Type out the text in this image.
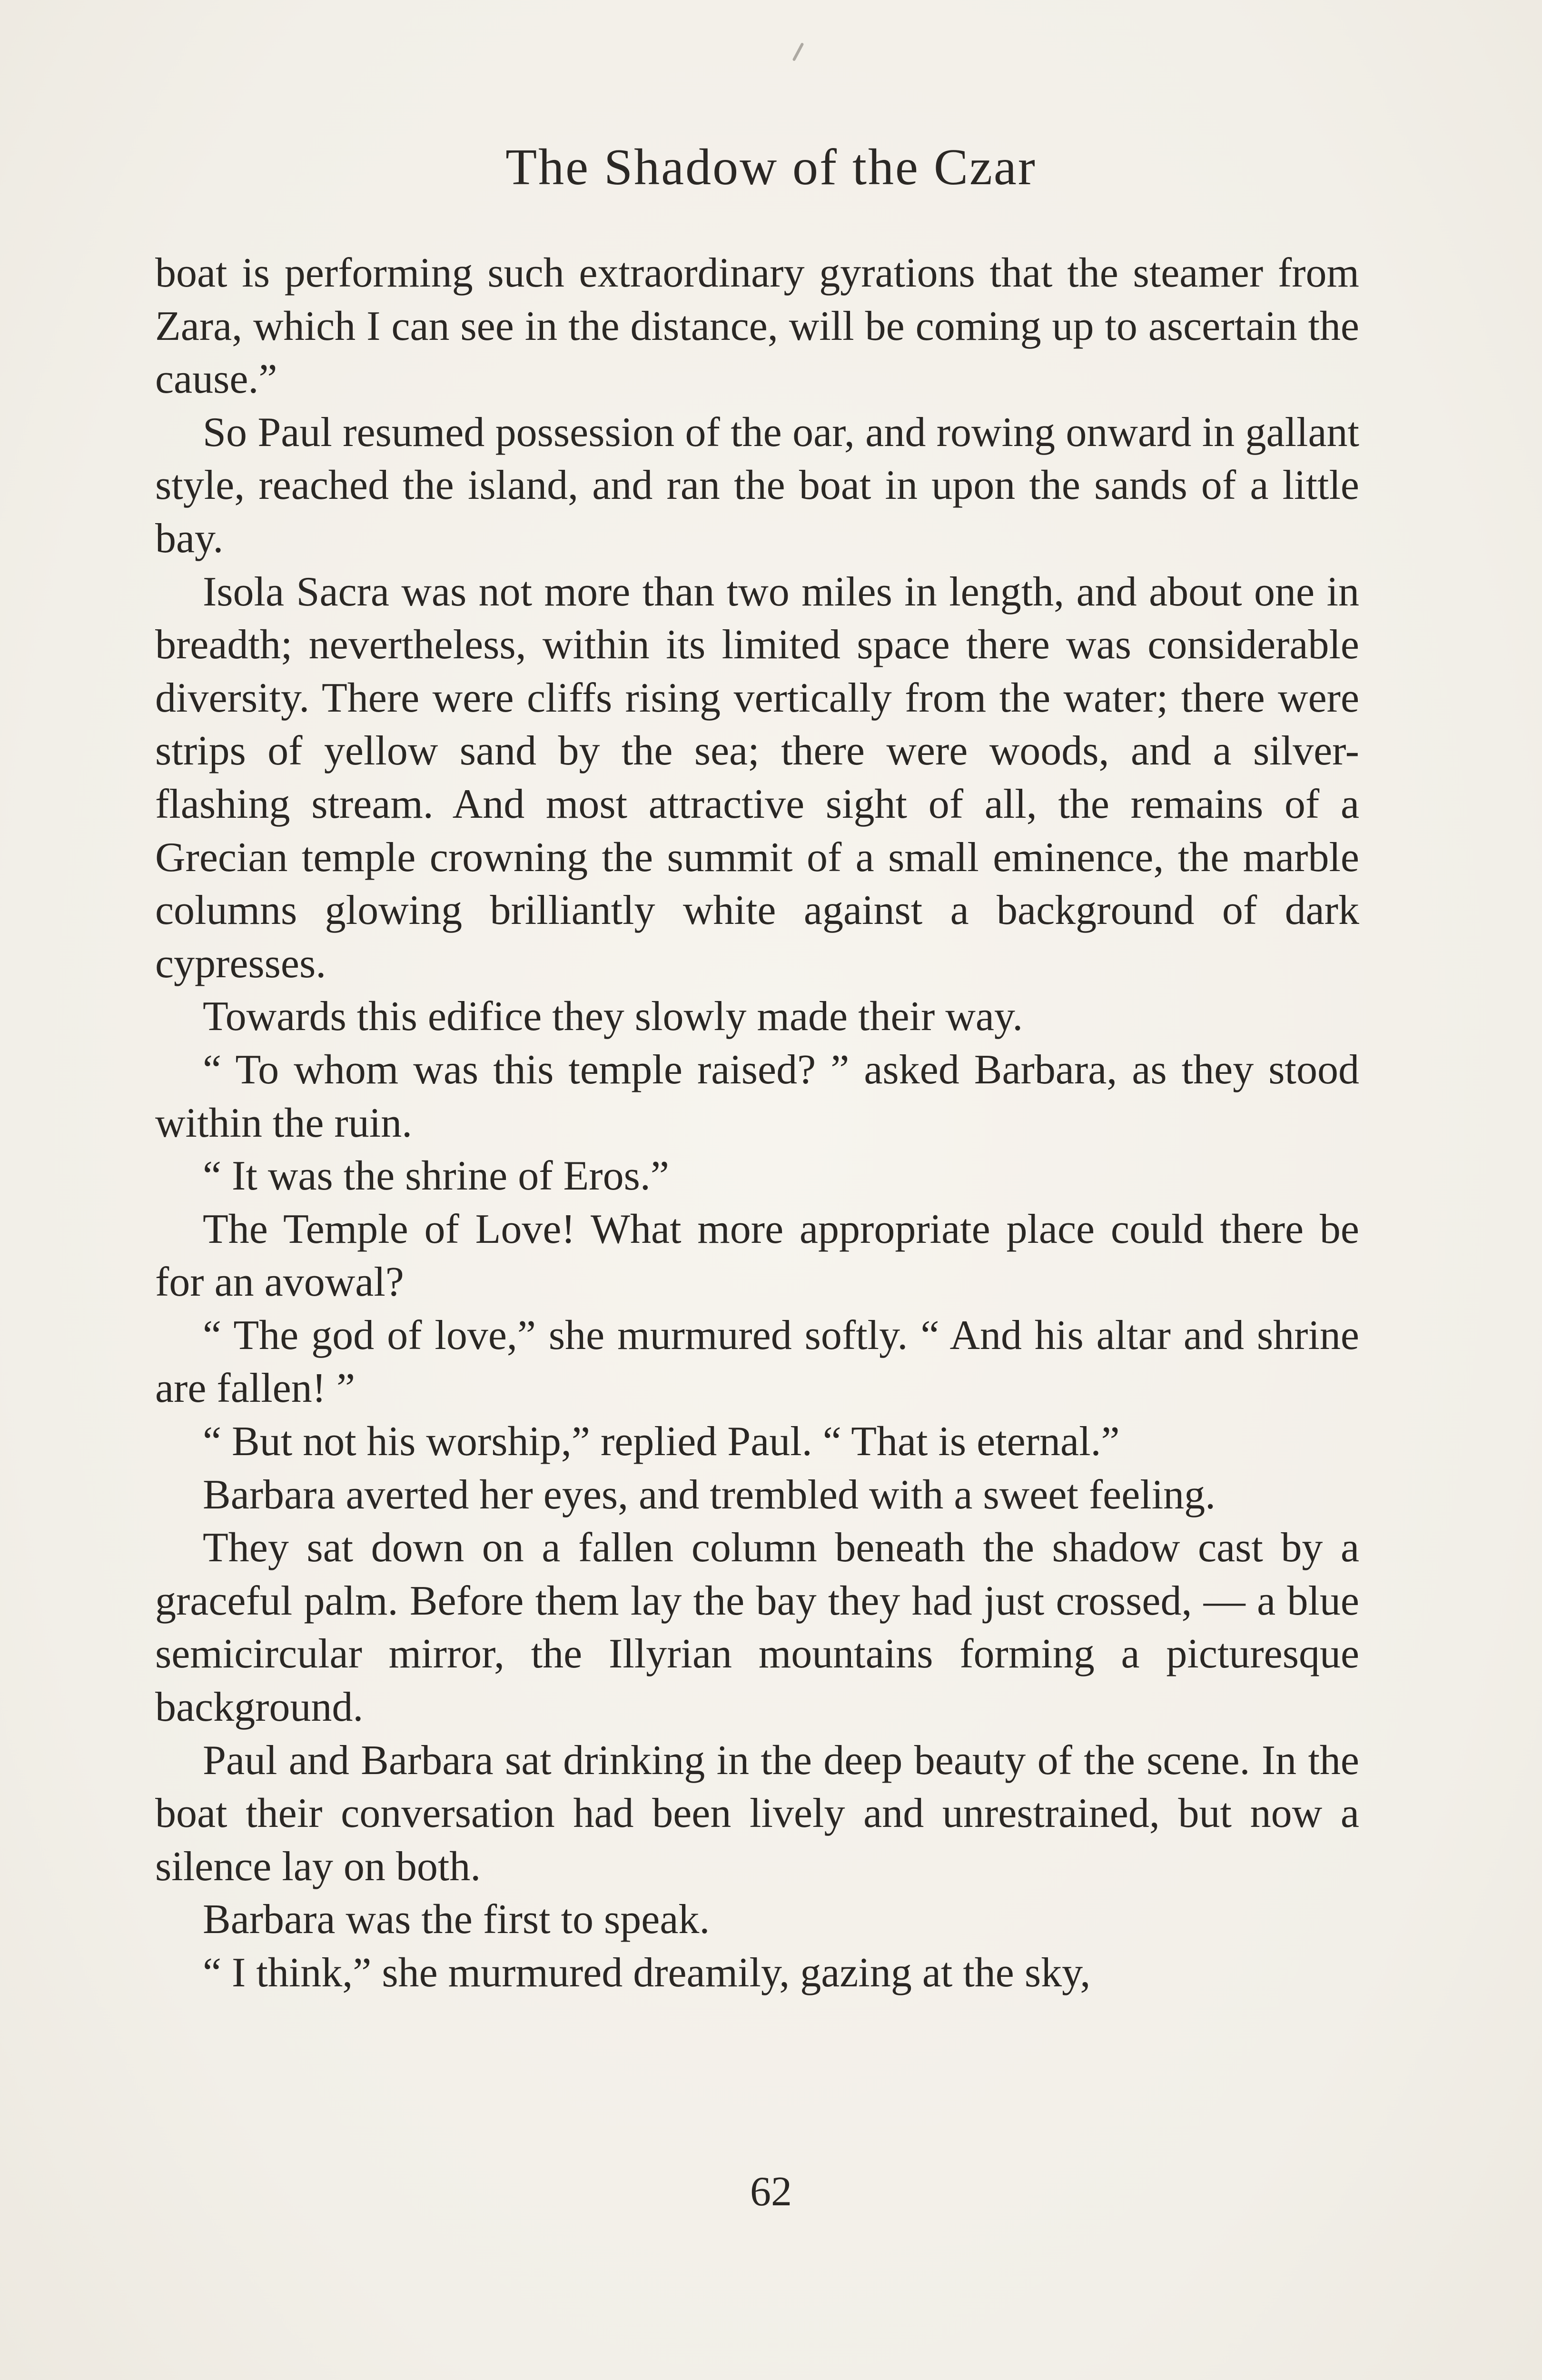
The Shadow of the Czar

boat is performing such extraordinary gyrations that the steamer from Zara, which I can see in the distance, will be coming up to ascertain the cause.”

So Paul resumed possession of the oar, and rowing onward in gallant style, reached the island, and ran the boat in upon the sands of a little bay.

Isola Sacra was not more than two miles in length, and about one in breadth; nevertheless, within its limited space there was considerable diversity. There were cliffs rising vertically from the water; there were strips of yellow sand by the sea; there were woods, and a silver-flashing stream. And most attractive sight of all, the remains of a Grecian temple crowning the summit of a small eminence, the marble columns glowing brilliantly white against a background of dark cypresses.

Towards this edifice they slowly made their way.

“ To whom was this temple raised? ” asked Barbara, as they stood within the ruin.

“ It was the shrine of Eros.”

The Temple of Love! What more appropriate place could there be for an avowal?

“ The god of love,” she murmured softly. “ And his altar and shrine are fallen! ”

“ But not his worship,” replied Paul. “ That is eternal.”

Barbara averted her eyes, and trembled with a sweet feeling.

They sat down on a fallen column beneath the shadow cast by a graceful palm. Before them lay the bay they had just crossed, — a blue semicircular mirror, the Illyrian mountains forming a picturesque background.

Paul and Barbara sat drinking in the deep beauty of the scene. In the boat their conversation had been lively and unrestrained, but now a silence lay on both.

Barbara was the first to speak.

“ I think,” she murmured dreamily, gazing at the sky,

62
